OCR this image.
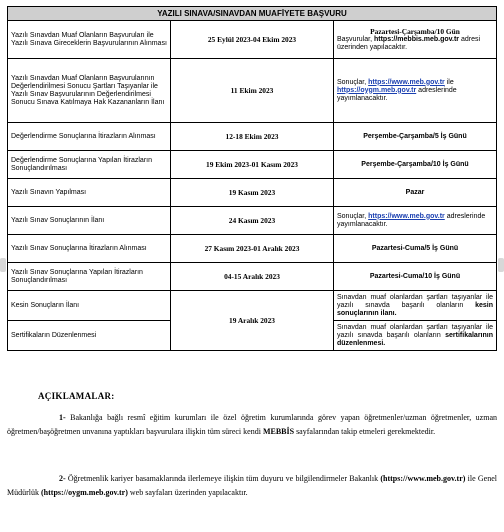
YAZILI SINAVA/SINAVDAN MUAFİYETE BAŞVURU		
Yazılı Sınavdan Muaf Olanların Başvuruları ile Yazılı Sınava Gireceklerin Başvurularının Alınması	25 Eylül 2023-04 Ekim 2023	Pazartesi-Çarşamba/10 Gün
Başvurular, https://mebbis.meb.gov.tr adresi üzerinden yapılacaktır.
Yazılı Sınavdan Muaf Olanların Başvurularının Değerlendirilmesi Sonucu Şartları Taşıyanlar ile Yazılı Sınav Başvurularının Değerlendirilmesi Sonucu Sınava Katılmaya Hak Kazananların İlanı	11 Ekim 2023	Sonuçlar, https://www.meb.gov.tr ile https://oygm.meb.gov.tr adreslerinde yayımlanacaktır.
Değerlendirme Sonuçlarına İtirazların Alınması	12-18 Ekim 2023	Perşembe-Çarşamba/5 İş Günü
Değerlendirme Sonuçlarına Yapılan İtirazların Sonuçlandırılması	19 Ekim 2023-01 Kasım 2023	Perşembe-Çarşamba/10 İş Günü
Yazılı Sınavın Yapılması	19 Kasım 2023	Pazar
Yazılı Sınav Sonuçlarının İlanı	24 Kasım 2023	Sonuçlar, https://www.meb.gov.tr adreslerinde yayımlanacaktır.
Yazılı Sınav Sonuçlarına İtirazların Alınması	27 Kasım 2023-01 Aralık 2023	Pazartesi-Cuma/5 İş Günü
Yazılı Sınav Sonuçlarına Yapılan İtirazların Sonuçlandırılması	04-15 Aralık 2023	Pazartesi-Cuma/10 İş Günü
Kesin Sonuçların İlanı	19 Aralık 2023	Sınavdan muaf olanlardan şartları taşıyanlar ile yazılı sınavda başarılı olanların kesin sonuçlarının ilanı.
Sertifikaların Düzenlenmesi		Sınavdan muaf olanlardan şartları taşıyanlar ile yazılı sınavda başarılı olanların sertifikalarının düzenlenmesi.
AÇIKLAMALAR:
1- Bakanlığa bağlı resmî eğitim kurumları ile özel öğretim kurumlarında görev yapan öğretmenler/uzman öğretmenler, uzman öğretmen/başöğretmen unvanına yaptıkları başvurulara ilişkin tüm süreci kendi MEBBİS sayfalarından takip etmeleri gerekmektedir.
2- Öğretmenlik kariyer basamaklarında ilerlemeye ilişkin tüm duyuru ve bilgilendirmeler Bakanlık (https://www.meb.gov.tr) ile Genel Müdürlük (https://oygm.meb.gov.tr) web sayfaları üzerinden yapılacaktır.
